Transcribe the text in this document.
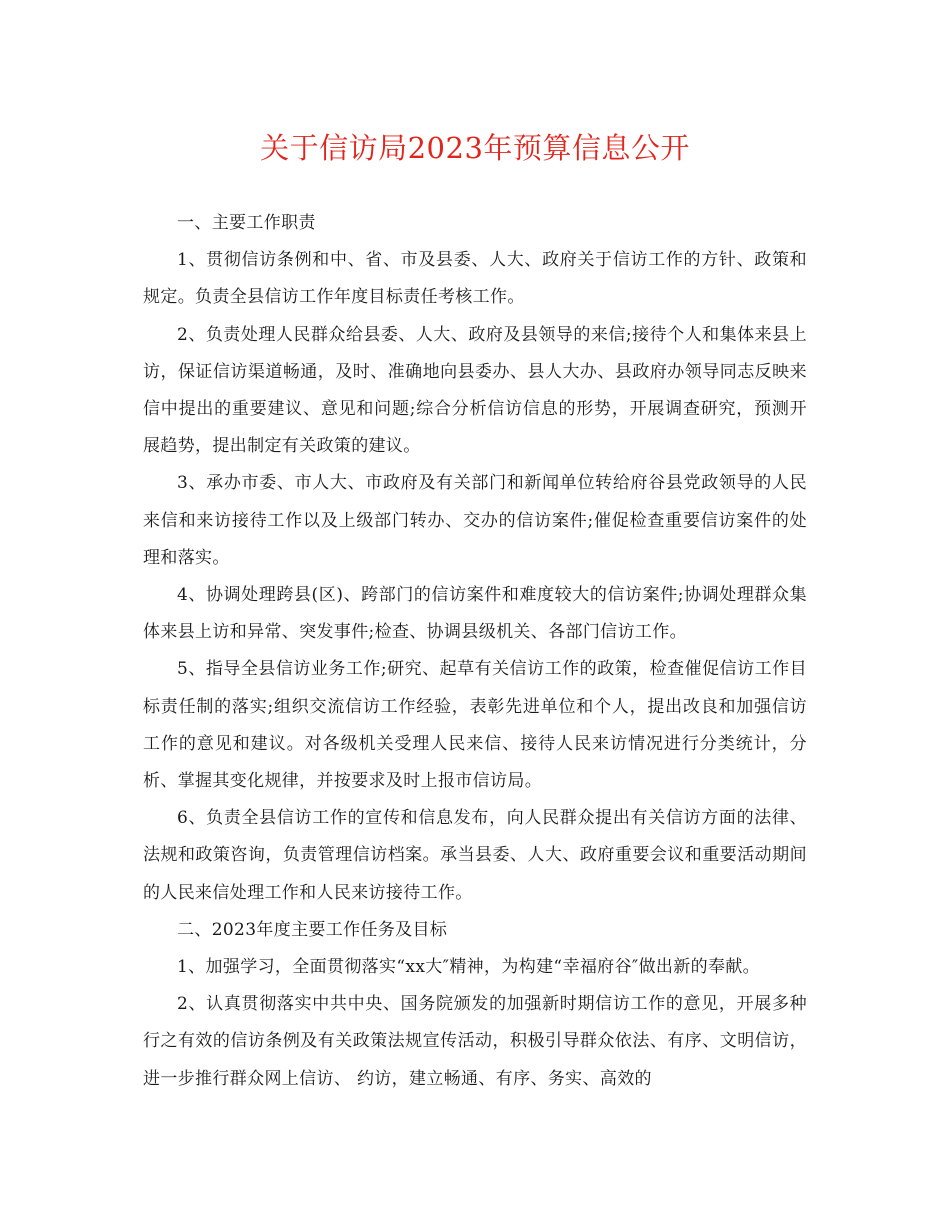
关于信访局2023年预算信息公开

一、主要工作职责

1、贯彻信访条例和中、省、市及县委、人大、政府关于信访工作的方针、政策和规定。负责全县信访工作年度目标责任考核工作。

2、负责处理人民群众给县委、人大、政府及县领导的来信;接待个人和集体来县上访，保证信访渠道畅通，及时、准确地向县委办、县人大办、县政府办领导同志反映来信中提出的重要建议、意见和问题;综合分析信访信息的形势，开展调查研究，预测开展趋势，提出制定有关政策的建议。

3、承办市委、市人大、市政府及有关部门和新闻单位转给府谷县党政领导的人民来信和来访接待工作以及上级部门转办、交办的信访案件;催促检查重要信访案件的处理和落实。

4、协调处理跨县(区)、跨部门的信访案件和难度较大的信访案件;协调处理群众集体来县上访和异常、突发事件;检查、协调县级机关、各部门信访工作。

5、指导全县信访业务工作;研究、起草有关信访工作的政策，检查催促信访工作目标责任制的落实;组织交流信访工作经验，表彰先进单位和个人，提出改良和加强信访工作的意见和建议。对各级机关受理人民来信、接待人民来访情况进行分类统计，分析、掌握其变化规律，并按要求及时上报市信访局。

6、负责全县信访工作的宣传和信息发布，向人民群众提出有关信访方面的法律、法规和政策咨询，负责管理信访档案。承当县委、人大、政府重要会议和重要活动期间的人民来信处理工作和人民来访接待工作。

二、2023年度主要工作任务及目标

1、加强学习，全面贯彻落实“xx大″精神，为构建“幸福府谷″做出新的奉献。

2、认真贯彻落实中共中央、国务院颁发的加强新时期信访工作的意见，开展多种行之有效的信访条例及有关政策法规宣传活动，积极引导群众依法、有序、文明信访，进一步推行群众网上信访、 约访，建立畅通、有序、务实、高效的
